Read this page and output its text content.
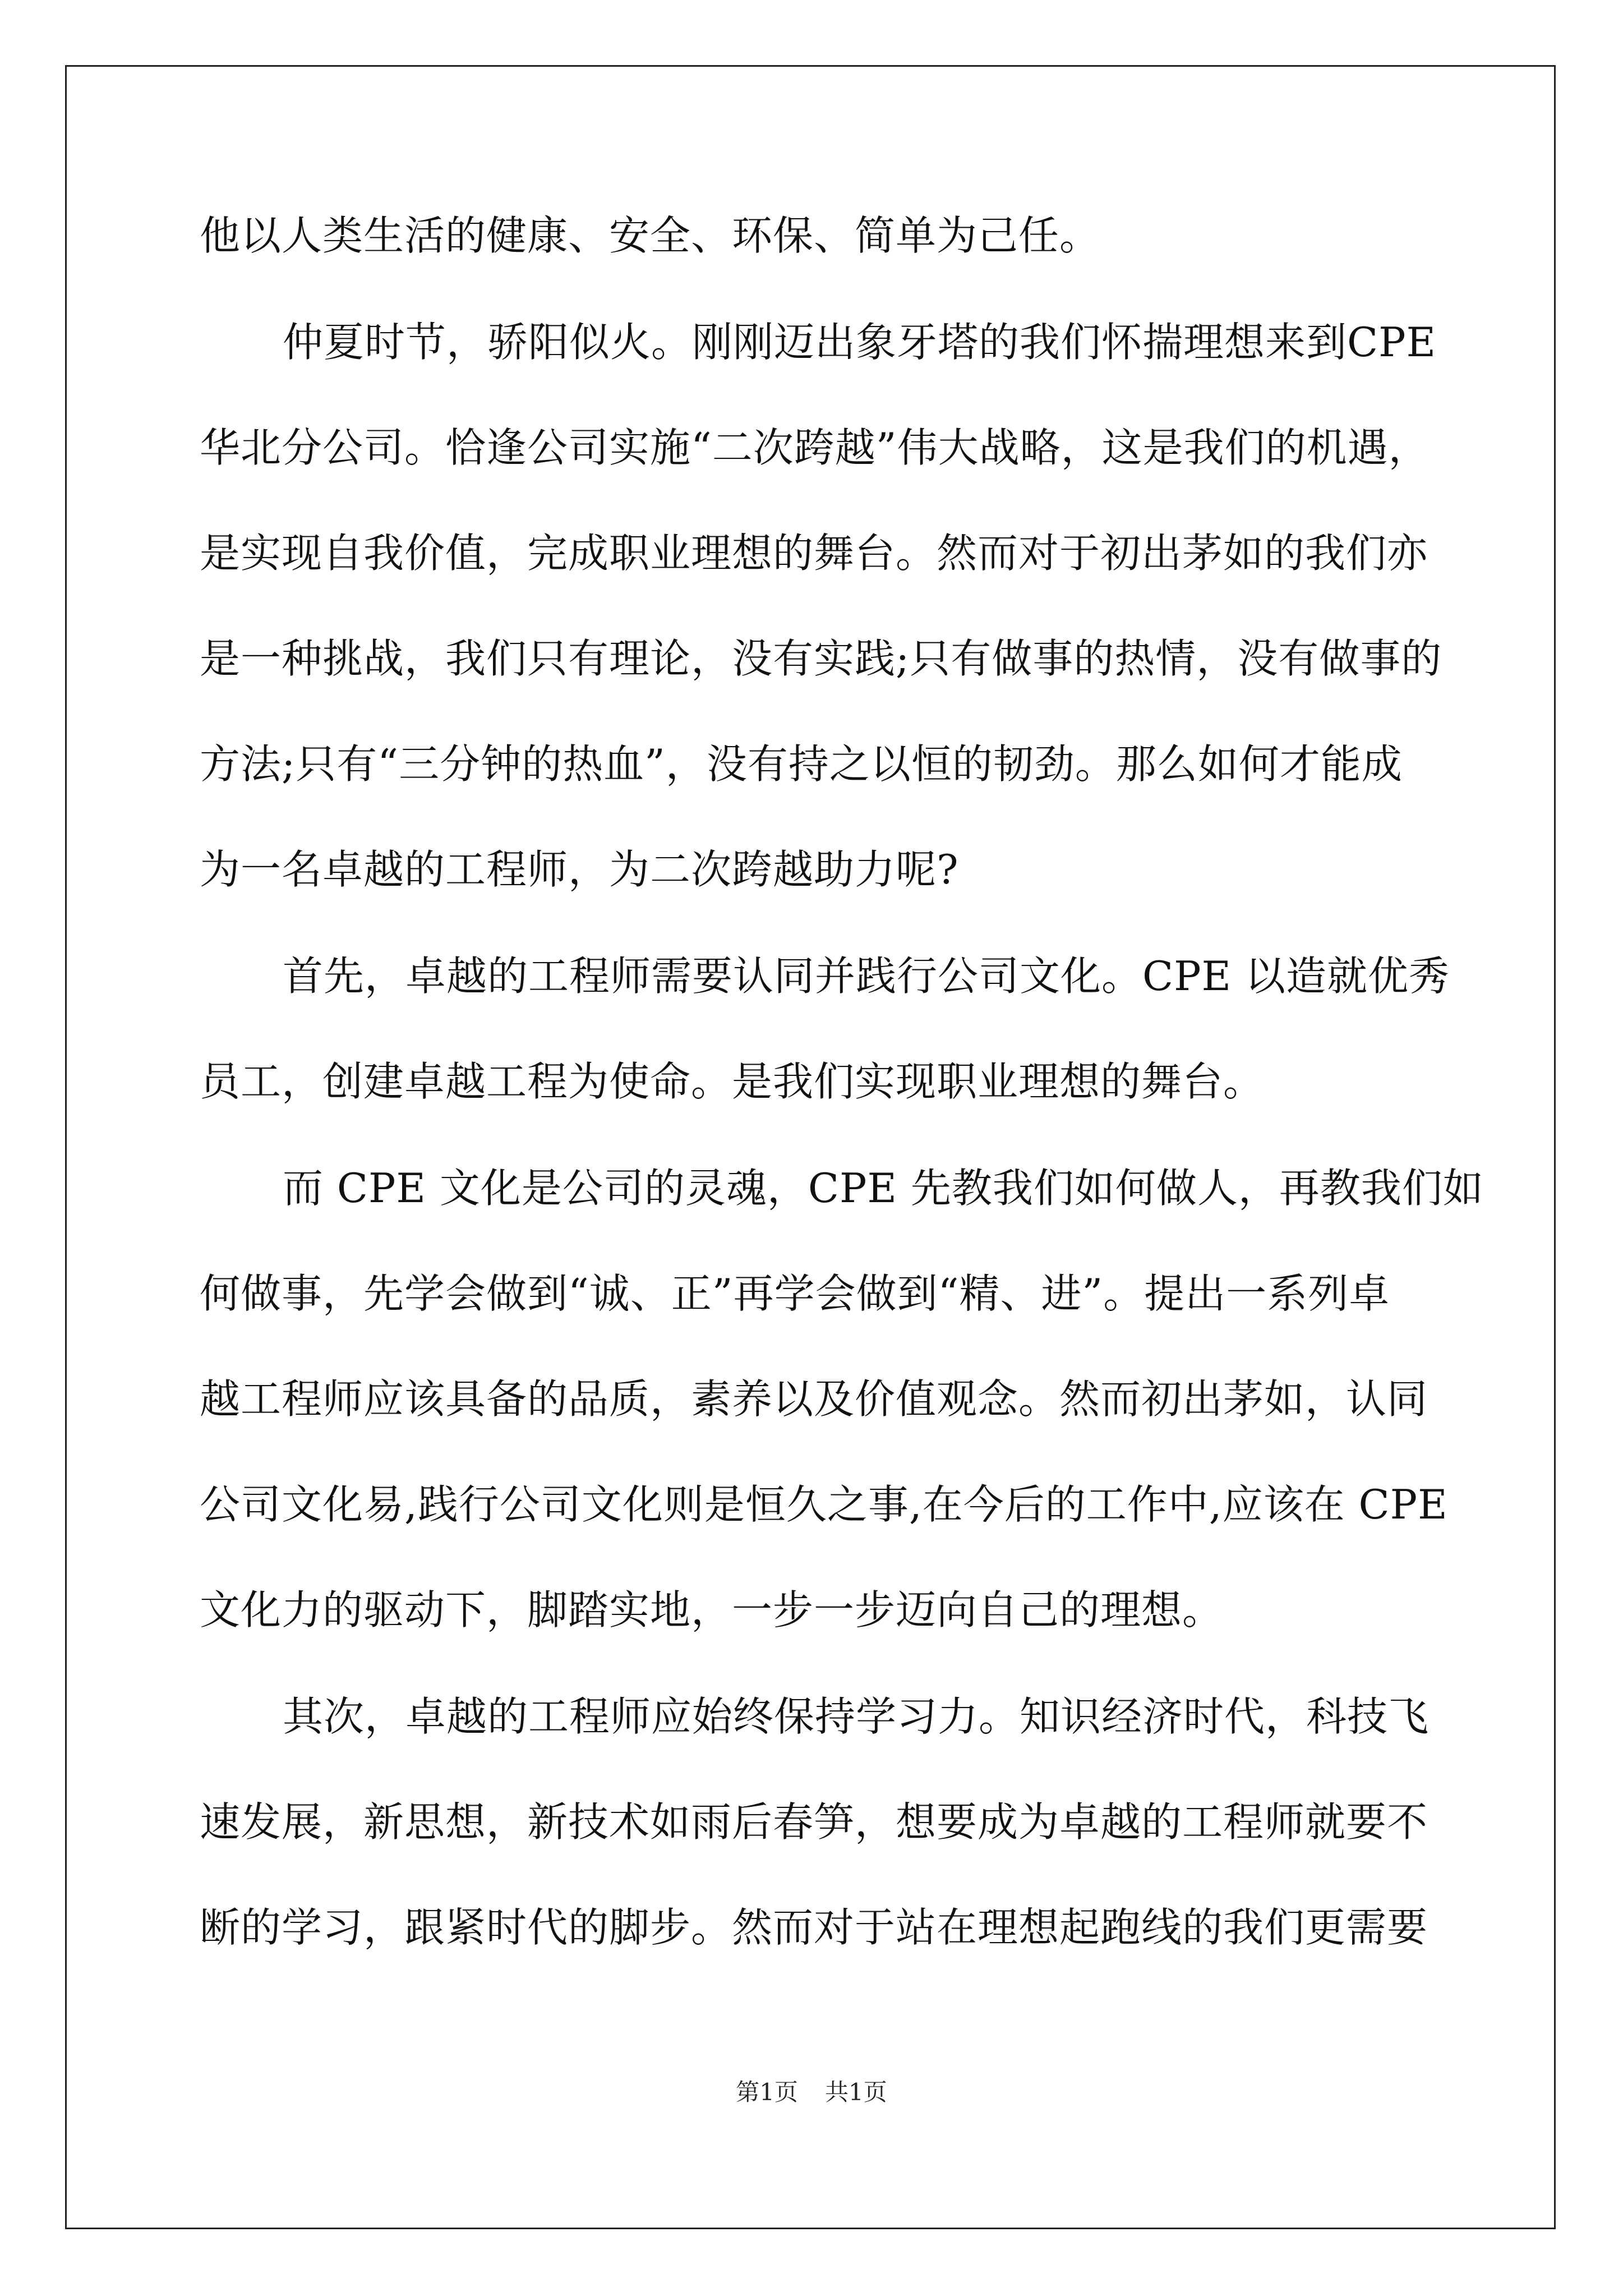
他以人类生活的健康、安全、环保、简单为己任。
仲夏时节，骄阳似火。刚刚迈出象牙塔的我们怀揣理想来到CPE
华北分公司。恰逢公司实施“二次跨越”伟大战略，这是我们的机遇，
是实现自我价值，完成职业理想的舞台。然而对于初出茅如的我们亦
是一种挑战，我们只有理论，没有实践;只有做事的热情，没有做事的
方法;只有“三分钟的热血”，没有持之以恒的韧劲。那么如何才能成
为一名卓越的工程师，为二次跨越助力呢?
首先，卓越的工程师需要认同并践行公司文化。CPE 以造就优秀
员工，创建卓越工程为使命。是我们实现职业理想的舞台。
而 CPE 文化是公司的灵魂，CPE 先教我们如何做人，再教我们如
何做事，先学会做到“诚、正”再学会做到“精、进”。提出一系列卓
越工程师应该具备的品质，素养以及价值观念。然而初出茅如，认同
公司文化易,践行公司文化则是恒久之事,在今后的工作中,应该在 CPE
文化力的驱动下，脚踏实地，一步一步迈向自己的理想。
其次，卓越的工程师应始终保持学习力。知识经济时代，科技飞
速发展，新思想，新技术如雨后春笋，想要成为卓越的工程师就要不
断的学习，跟紧时代的脚步。然而对于站在理想起跑线的我们更需要
第1页 共1页
